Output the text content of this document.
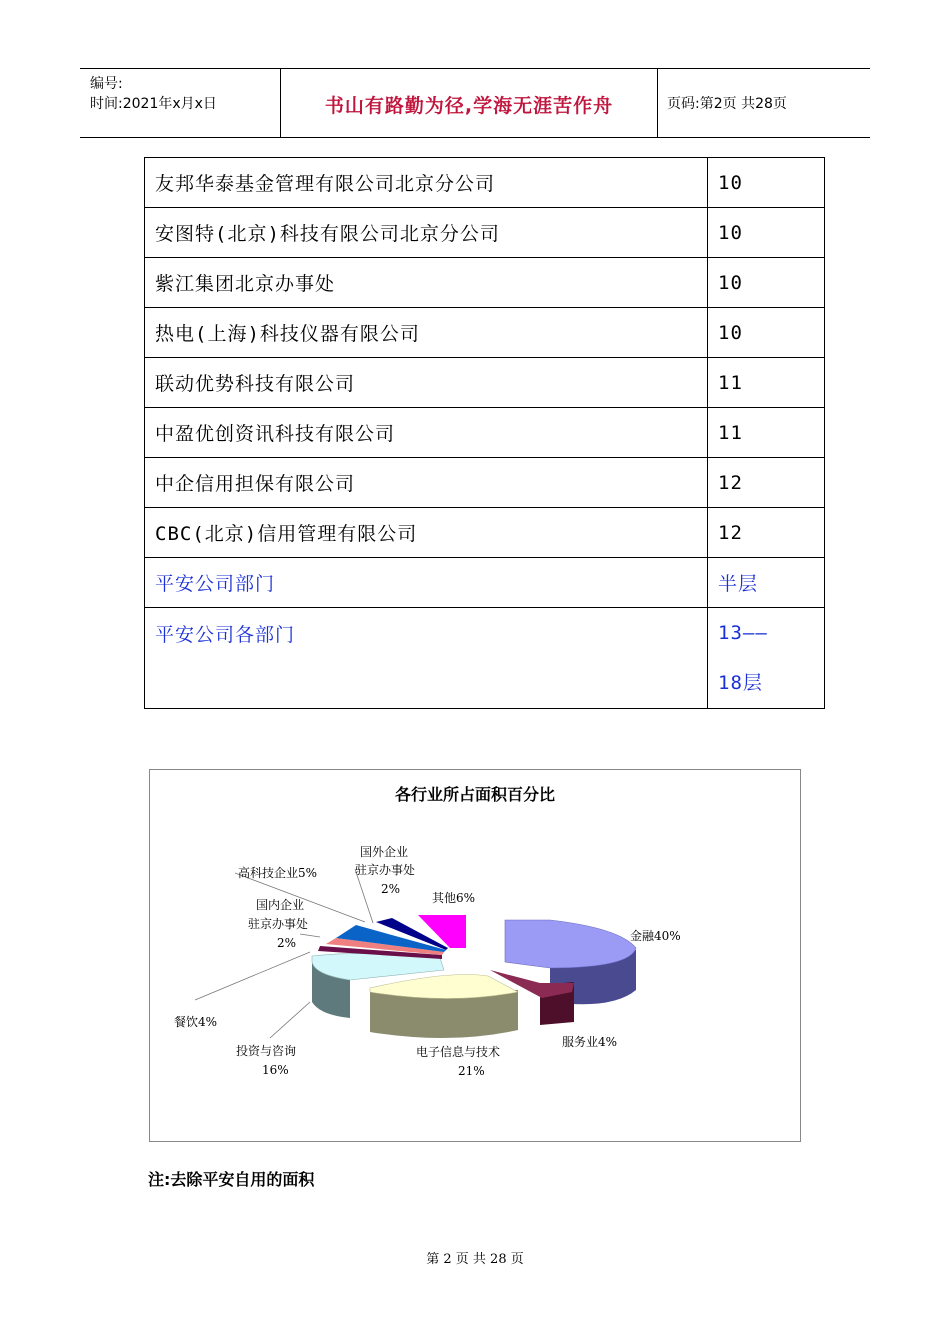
编号:
时间:2021年x月x日	书山有路勤为径,学海无涯苦作舟	页码:第2页 共28页
友邦华泰基金管理有限公司北京分公司	10
安图特(北京)科技有限公司北京分公司	10
紫江集团北京办事处	10
热电(上海)科技仪器有限公司	10
联动优势科技有限公司	11
中盈优创资讯科技有限公司	11
中企信用担保有限公司	12
CBC(北京)信用管理有限公司	12
平安公司部门	半层
平安公司各部门	13——
18层
各行业所占面积百分比
金融40%
服务业4%
电子信息与技术
21%
投资与咨询
16%
餐饮4%
国内企业
驻京办事处
2%
高科技企业5%
国外企业
驻京办事处
2%
其他6%
注:去除平安自用的面积
第 2 页 共 28 页
